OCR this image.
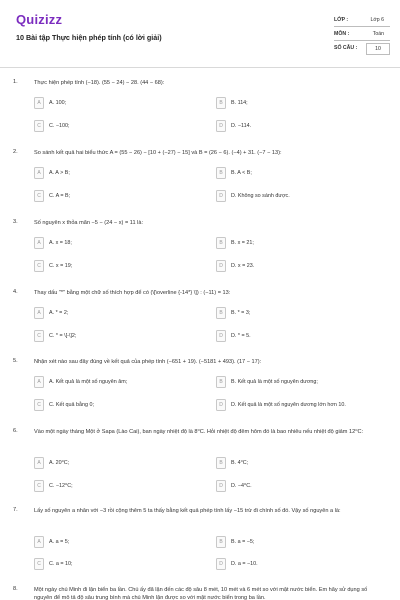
Quizizz
10 Bài tập Thực hiện phép tính (có lời giải)
LỚP :	Lớp 6
MÔN :	Toán
SỐ CÂU :	10
1.	Thực hiện phép tính (−18). (55 − 24) − 28. (44 − 68):
A	A. 100;	B	B. 114;
C	C. −100;	D	D. −114.
2.	So sánh kết quả hai biểu thức A = (55 − 26) − [10 + (−27) − 15] và B = (26 − 6). (−4) + 31. (−7 − 13):
A	A. A > B;	B	B. A < B;
C	C. A = B;	D	D. Không so sánh được.
3.	Số nguyên x thỏa mãn −5 − (24 − x) = 11 là:
A	A. x = 18;	B	B. x = 21;
C	C. x = 19;	D	D. x = 23.
4.	Thay dấu "*" bằng một chữ số thích hợp để có (\[\overline {-14*} \]) : (−11) = 13:
A	A. * = 2;	B	B. * = 3;
C	C. * = \[-\]2;	D	D. * = 5.
5.	Nhận xét nào sau đây đúng về kết quả của phép tính (−651 + 19). (−5181 + 493). (17 − 17):
A	A. Kết quả là một số nguyên âm;	B	B. Kết quả là một số nguyên dương;
C	C. Kết quả bằng 0;	D	D. Kết quả là một số nguyên dương lớn hơn 10.
6.	Vào một ngày tháng Một ở Sapa (Lào Cai), ban ngày nhiệt độ là 8⁰C. Hỏi nhiệt độ đêm hôm đó là bao nhiêu nếu nhiệt độ giảm 12⁰C:
A	A. 20⁰C;	B	B. 4⁰C;
C	C. −12⁰C;	D	D. −4⁰C.
7.	Lấy số nguyên a nhân với −3 rồi cộng thêm 5 ta thấy bằng kết quả phép tính lấy −15 trừ đi chính số đó. Vậy số nguyên a là:
A	A. a = 5;	B	B. a = −5;
C	C. a = 10;	D	D. a = −10.
8.	Một ngày chú Minh đi lặn biển ba lần. Chú ấy đã lặn đến các độ sâu 8 mét, 10 mét và 6 mét so với mặt nước biển. Em hãy sử dụng số nguyên để mô tả độ sâu trung bình mà chú Minh lặn được so với mặt nước biển trong ba lần.
